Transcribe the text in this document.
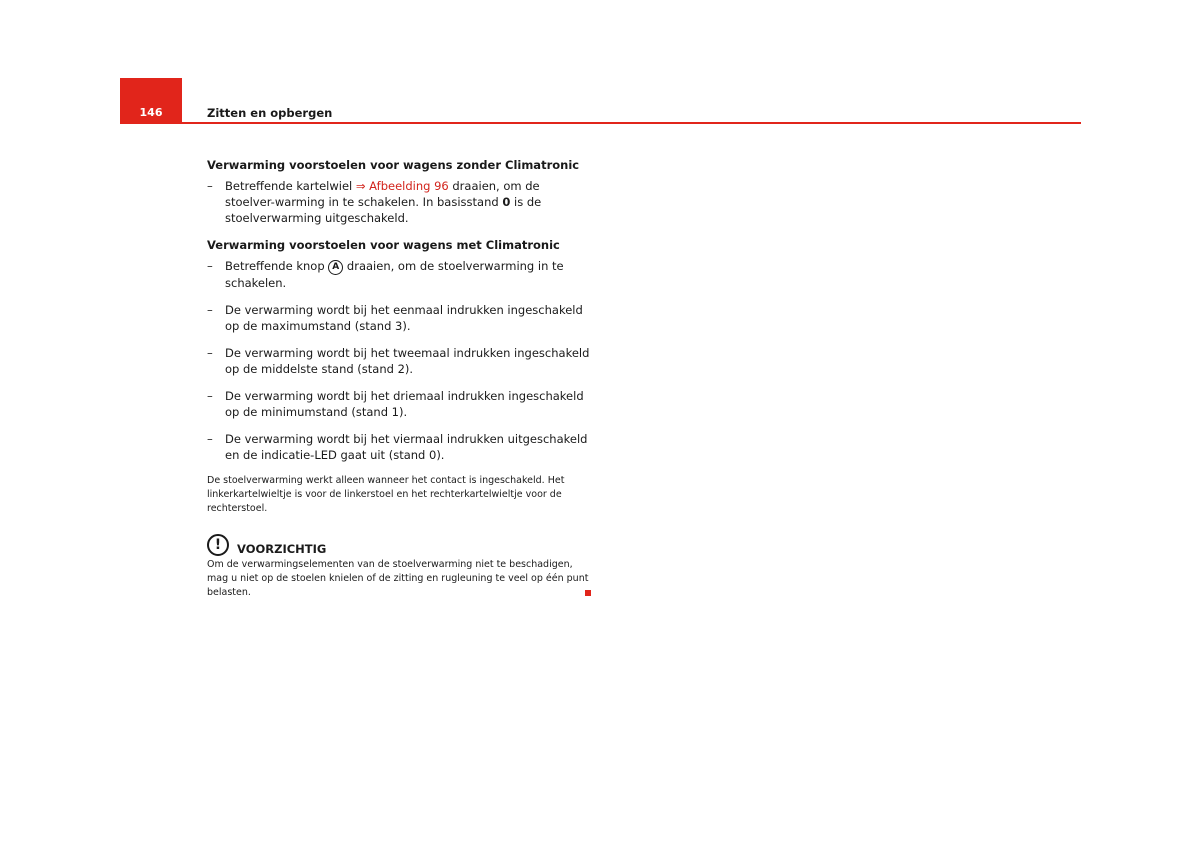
146	Zitten en opbergen
Verwarming voorstoelen voor wagens zonder Climatronic
– Betreffende kartelwiel ⇒ Afbeelding 96 draaien, om de stoelver-warming in te schakelen. In basisstand 0 is de stoelverwarming uitgeschakeld.
Verwarming voorstoelen voor wagens met Climatronic
– Betreffende knop A draaien, om de stoelverwarming in te schakelen.
– De verwarming wordt bij het eenmaal indrukken ingeschakeld op de maximumstand (stand 3).
– De verwarming wordt bij het tweemaal indrukken ingeschakeld op de middelste stand (stand 2).
– De verwarming wordt bij het driemaal indrukken ingeschakeld op de minimumstand (stand 1).
– De verwarming wordt bij het viermaal indrukken uitgeschakeld en de indicatie-LED gaat uit (stand 0).

De stoelverwarming werkt alleen wanneer het contact is ingeschakeld. Het linkerkartelwieltje is voor de linkerstoel en het rechterkartelwieltje voor de rechterstoel.

! VOORZICHTIG
Om de verwarmingselementen van de stoelverwarming niet te beschadigen, mag u niet op de stoelen knielen of de zitting en rugleuning te veel op één punt belasten.
